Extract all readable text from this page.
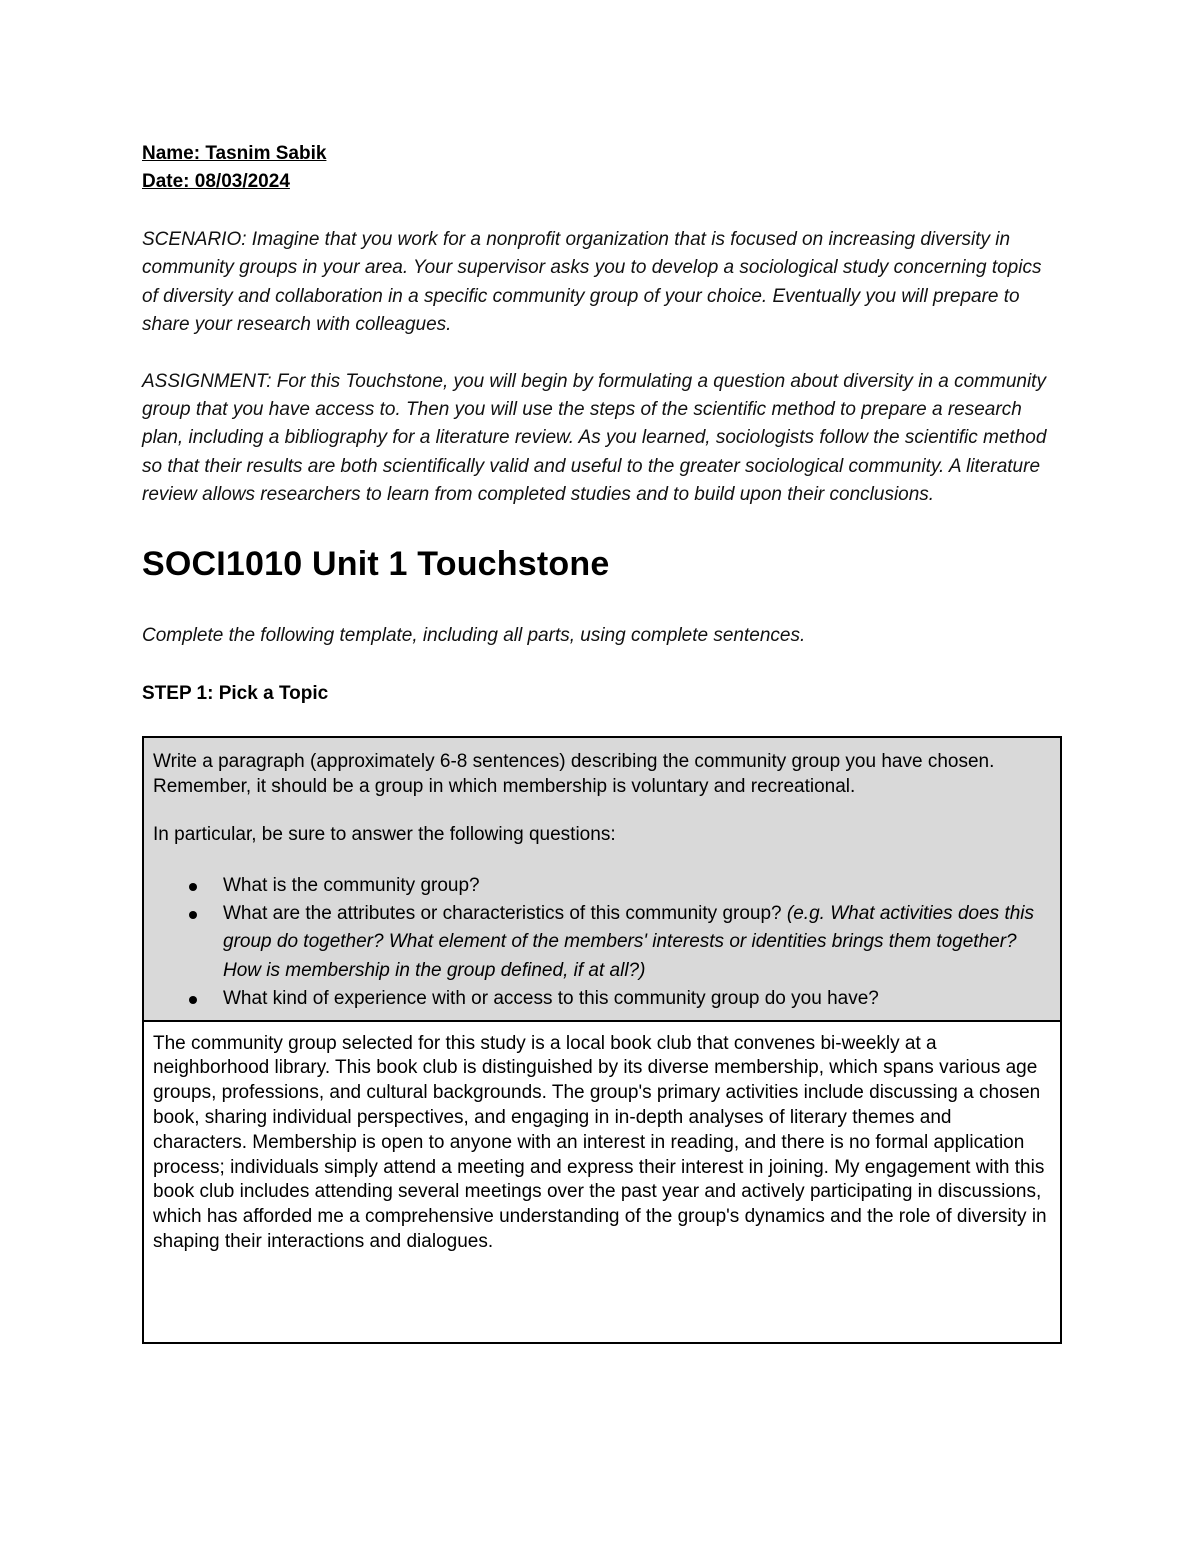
Name: Tasnim Sabik

Date: 08/03/2024

SCENARIO: Imagine that you work for a nonprofit organization that is focused on increasing diversity in community groups in your area. Your supervisor asks you to develop a sociological study concerning topics of diversity and collaboration in a specific community group of your choice. Eventually you will prepare to share your research with colleagues.

ASSIGNMENT: For this Touchstone, you will begin by formulating a question about diversity in a community group that you have access to. Then you will use the steps of the scientific method to prepare a research plan, including a bibliography for a literature review. As you learned, sociologists follow the scientific method so that their results are both scientifically valid and useful to the greater sociological community. A literature review allows researchers to learn from completed studies and to build upon their conclusions.

SOCI1010 Unit 1 Touchstone

Complete the following template, including all parts, using complete sentences.

STEP 1: Pick a Topic

Write a paragraph (approximately 6-8 sentences) describing the community group you have chosen. Remember, it should be a group in which membership is voluntary and recreational.

In particular, be sure to answer the following questions:

What is the community group?
What are the attributes or characteristics of this community group? (e.g. What activities does this group do together? What element of the members' interests or identities brings them together? How is membership in the group defined, if at all?)
What kind of experience with or access to this community group do you have?

The community group selected for this study is a local book club that convenes bi-weekly at a neighborhood library. This book club is distinguished by its diverse membership, which spans various age groups, professions, and cultural backgrounds. The group's primary activities include discussing a chosen book, sharing individual perspectives, and engaging in in-depth analyses of literary themes and characters. Membership is open to anyone with an interest in reading, and there is no formal application process; individuals simply attend a meeting and express their interest in joining. My engagement with this book club includes attending several meetings over the past year and actively participating in discussions, which has afforded me a comprehensive understanding of the group's dynamics and the role of diversity in shaping their interactions and dialogues.
